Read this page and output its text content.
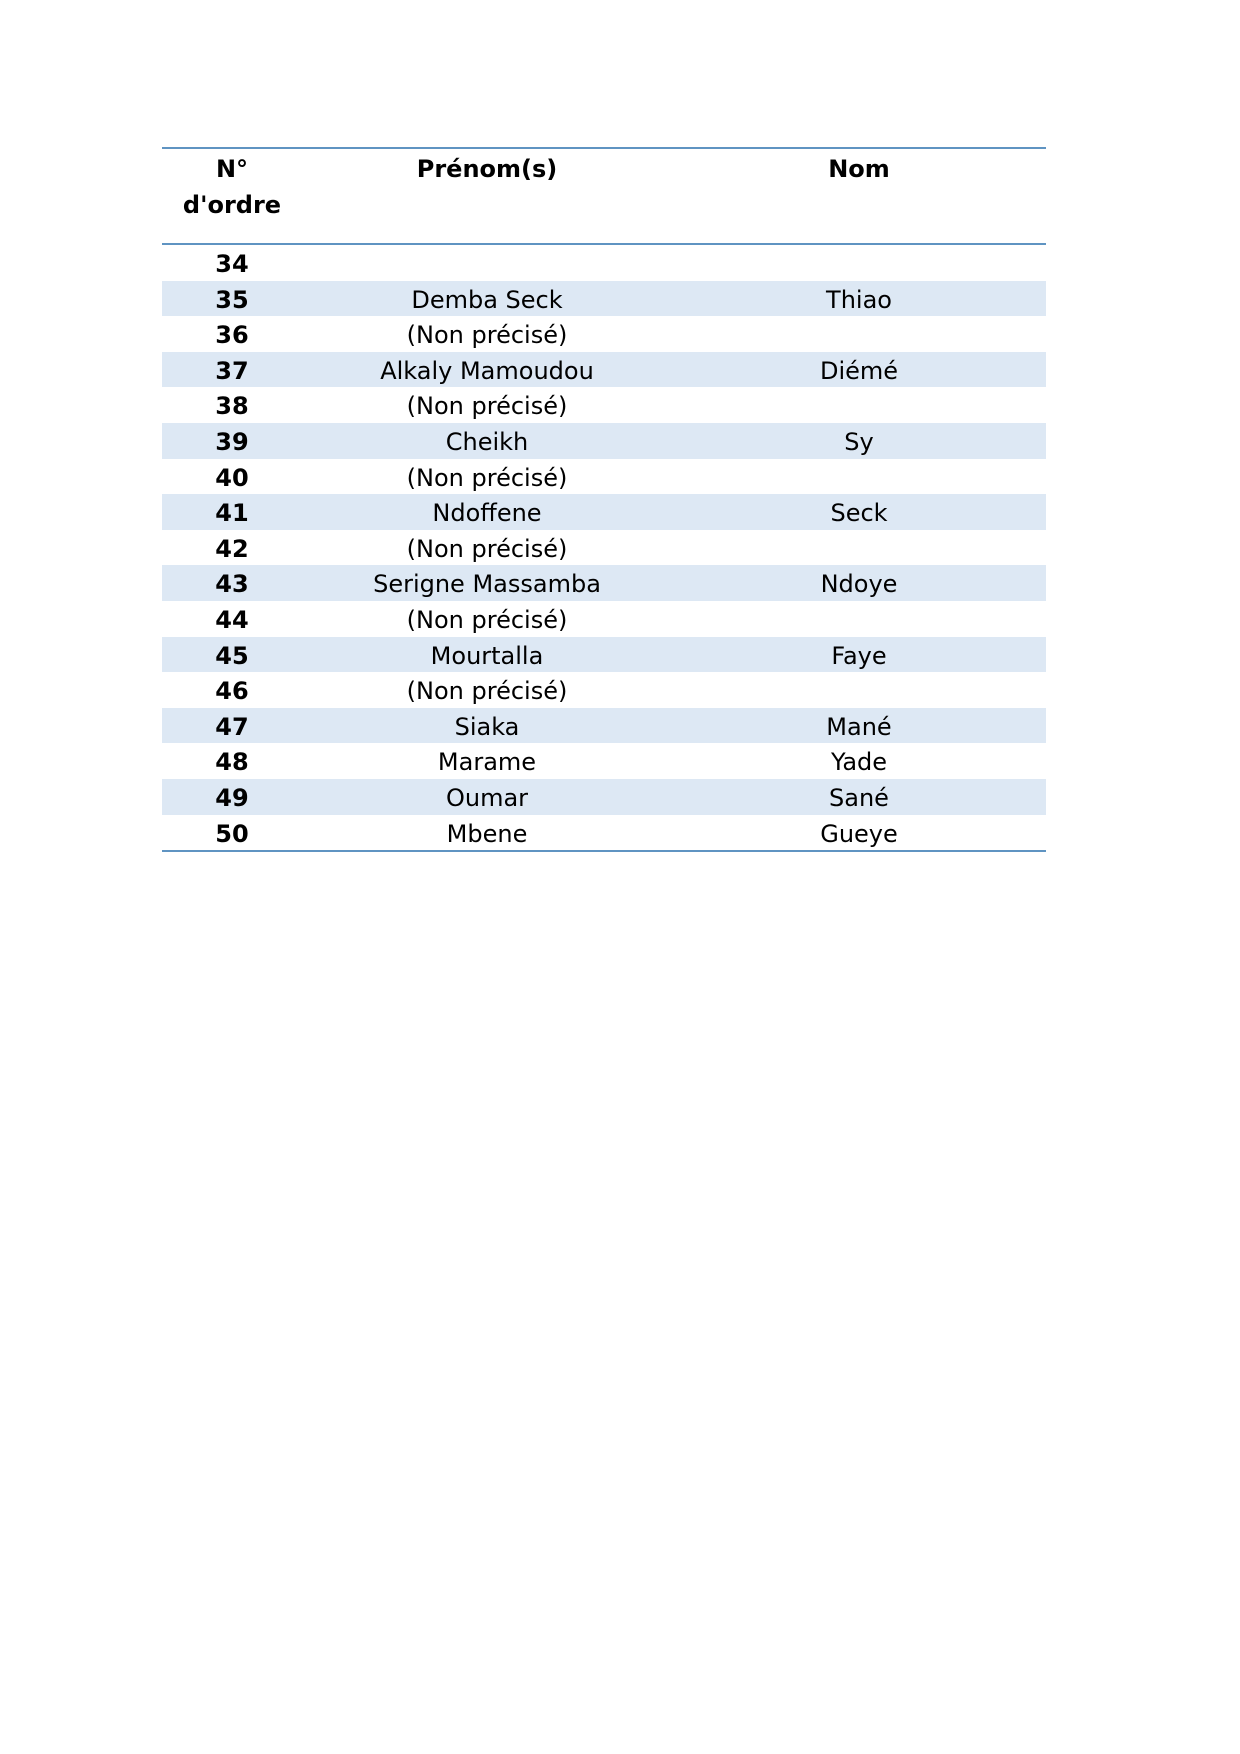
N°
d'ordre
Prénom(s)	Nom
34
35	Demba Seck	Thiao
36	(Non précisé)
37	Alkaly Mamoudou	Diémé
38	(Non précisé)
39	Cheikh	Sy
40	(Non précisé)
41	Ndoffene	Seck
42	(Non précisé)
43	Serigne Massamba	Ndoye
44	(Non précisé)
45	Mourtalla	Faye
46	(Non précisé)
47	Siaka	Mané
48	Marame	Yade
49	Oumar	Sané
50	Mbene	Gueye
